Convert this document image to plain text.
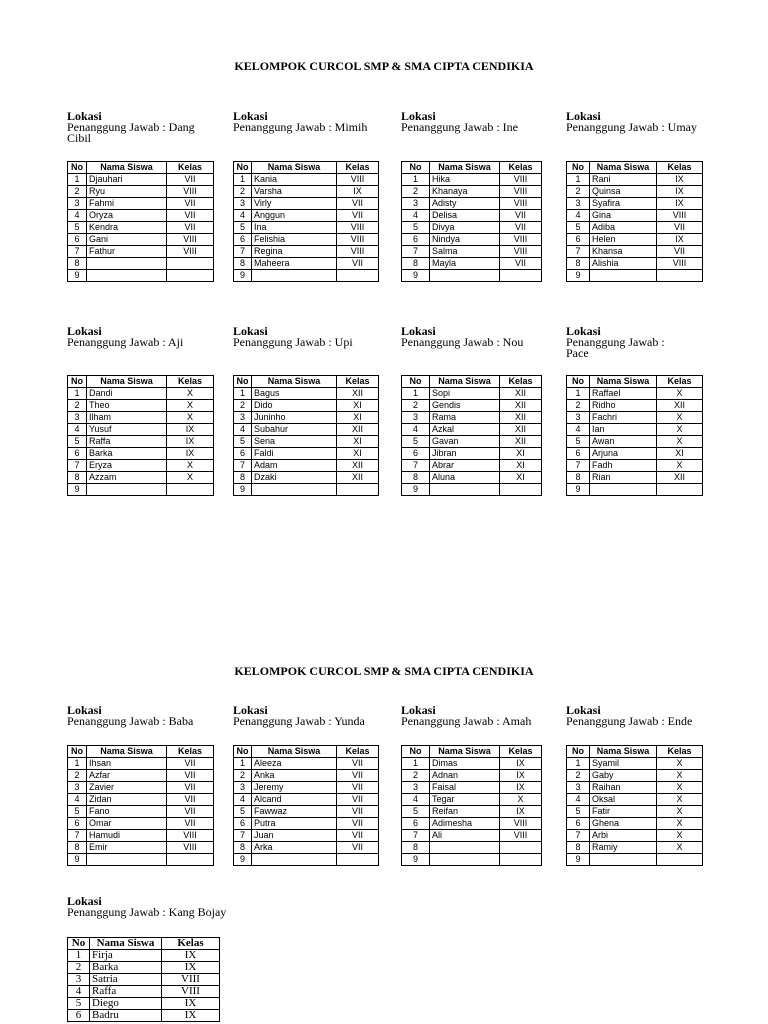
KELOMPOK CURCOL SMP & SMA CIPTA CENDIKIA
KELOMPOK CURCOL SMP & SMA CIPTA CENDIKIA
Lokasi
Penanggung Jawab : Dang
Cibil
No	Nama Siswa	Kelas
1	Djauhari	VII
2	Ryu	VIII
3	Fahmi	VII
4	Oryza	VII
5	Kendra	VII
6	Gani	VIII
7	Fathur	VIII
8		
9		
Lokasi
Penanggung Jawab : Mimih
No	Nama Siswa	Kelas
1	Kania	VIII
2	Varsha	IX
3	Virly	VII
4	Anggun	VII
5	Ina	VIII
6	Felishia	VIII
7	Regina	VIII
8	Maheera	VII
9		
Lokasi
Penanggung Jawab : Ine
No	Nama Siswa	Kelas
1	Hika	VIII
2	Khanaya	VIII
3	Adisty	VIII
4	Delisa	VII
5	Divya	VII
6	Nindya	VIII
7	Salma	VIII
8	Mayla	VII
9		
Lokasi
Penanggung Jawab : Umay
No	Nama Siswa	Kelas
1	Rani	IX
2	Quinsa	IX
3	Syafira	IX
4	Gina	VIII
5	Adiba	VII
6	Helen	IX
7	Khansa	VII
8	Alishia	VIII
9		
Lokasi
Penanggung Jawab : Aji
No	Nama Siswa	Kelas
1	Dandi	X
2	Theo	X
3	Ilham	X
4	Yusuf	IX
5	Raffa	IX
6	Barka	IX
7	Eryza	X
8	Azzam	X
9		
Lokasi
Penanggung Jawab : Upi
No	Nama Siswa	Kelas
1	Bagus	XII
2	Dido	XI
3	Juninho	XI
4	Subahur	XII
5	Sena	XI
6	Faldi	XI
7	Adam	XII
8	Dzaki	XII
9		
Lokasi
Penanggung Jawab : Nou
No	Nama Siswa	Kelas
1	Sopi	XII
2	Gendis	XII
3	Rama	XII
4	Azkal	XII
5	Gavan	XII
6	Jibran	XI
7	Abrar	XI
8	Aluna	XI
9		
Lokasi
Penanggung Jawab :
Pace
No	Nama Siswa	Kelas
1	Raffael	X
2	Ridho	XII
3	Fachri	X
4	Ian	X
5	Awan	X
6	Arjuna	XI
7	Fadh	X
8	Rian	XII
9		
Lokasi
Penanggung Jawab : Baba
No	Nama Siswa	Kelas
1	Ihsan	VII
2	Azfar	VII
3	Zavier	VII
4	Zidan	VII
5	Fano	VII
6	Omar	VII
7	Hamudi	VIII
8	Emir	VIII
9		
Lokasi
Penanggung Jawab : Yunda
No	Nama Siswa	Kelas
1	Aleeza	VII
2	Anka	VII
3	Jeremy	VII
4	Alcand	VII
5	Fawwaz	VII
6	Putra	VII
7	Juan	VII
8	Arka	VII
9		
Lokasi
Penanggung Jawab : Amah
No	Nama Siswa	Kelas
1	Dimas	IX
2	Adnan	IX
3	Faisal	IX
4	Tegar	X
5	Reifan	IX
6	Adimesha	VIII
7	Ali	VIII
8		
9		
Lokasi
Penanggung Jawab : Ende
No	Nama Siswa	Kelas
1	Syamil	X
2	Gaby	X
3	Raihan	X
4	Oksal	X
5	Fatir	X
6	Ghena	X
7	Arbi	X
8	Ramiy	X
9		
Lokasi
Penanggung Jawab : Kang Bojay
No	Nama Siswa	Kelas
1	Firja	IX
2	Barka	IX
3	Satria	VIII
4	Raffa	VIII
5	Diego	IX
6	Badru	IX
